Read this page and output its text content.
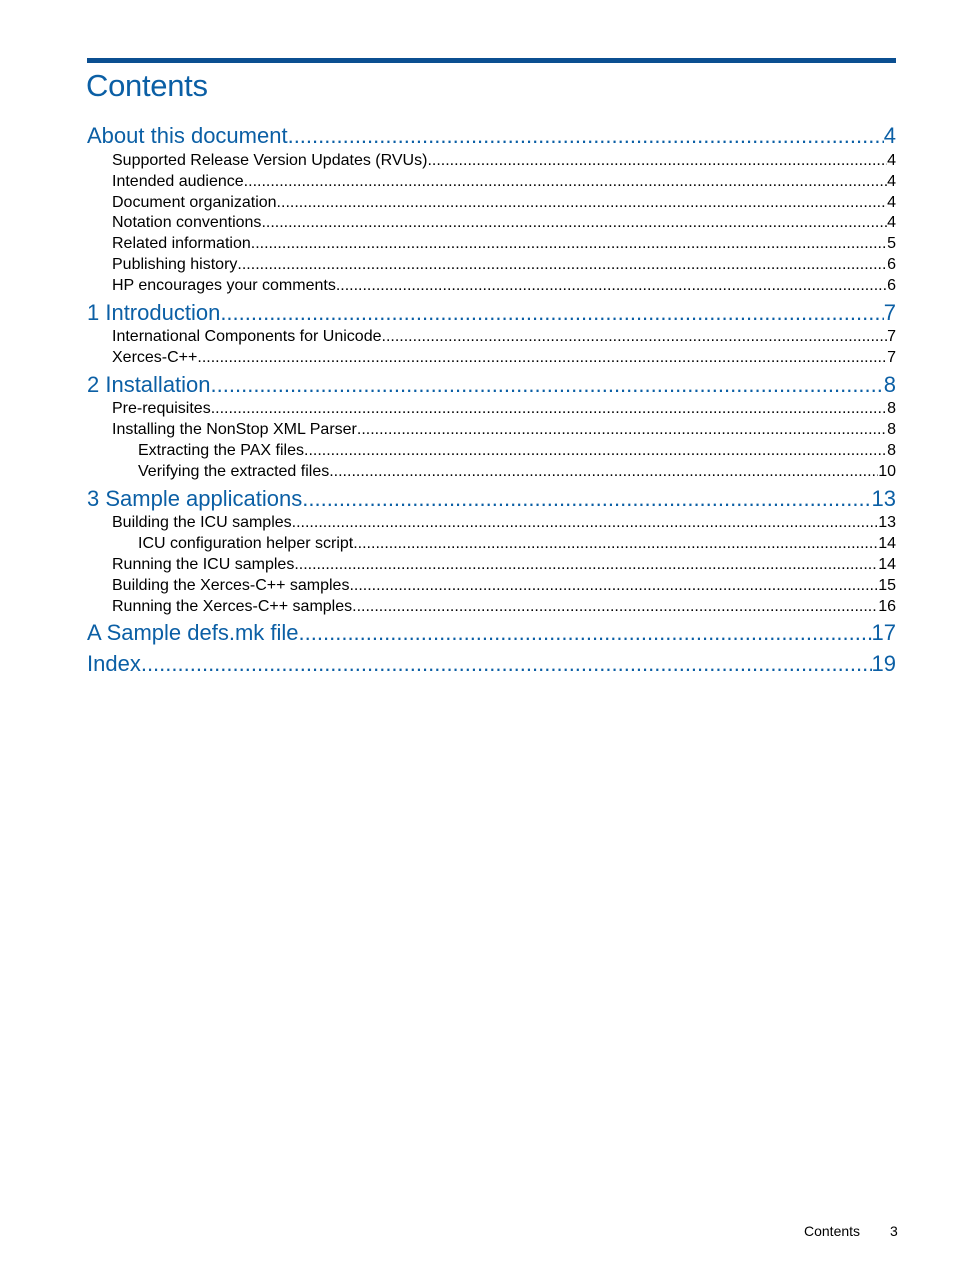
Contents
About this document .....	4
Supported Release Version Updates (RVUs) .....	4
Intended audience .....	4
Document organization .....	4
Notation conventions .....	4
Related information .....	5
Publishing history .....	6
HP encourages your comments .....	6
1 Introduction .....	7
International Components for Unicode .....	7
Xerces-C++ .....	7
2 Installation .....	8
Pre-requisites .....	8
Installing the NonStop XML Parser .....	8
Extracting the PAX files .....	8
Verifying the extracted files .....	10
3 Sample applications .....	13
Building the ICU samples .....	13
ICU configuration helper script .....	14
Running the ICU samples .....	14
Building the Xerces-C++ samples .....	15
Running the Xerces-C++ samples .....	16
A Sample defs.mk file .....	17
Index .....	19
Contents 3
